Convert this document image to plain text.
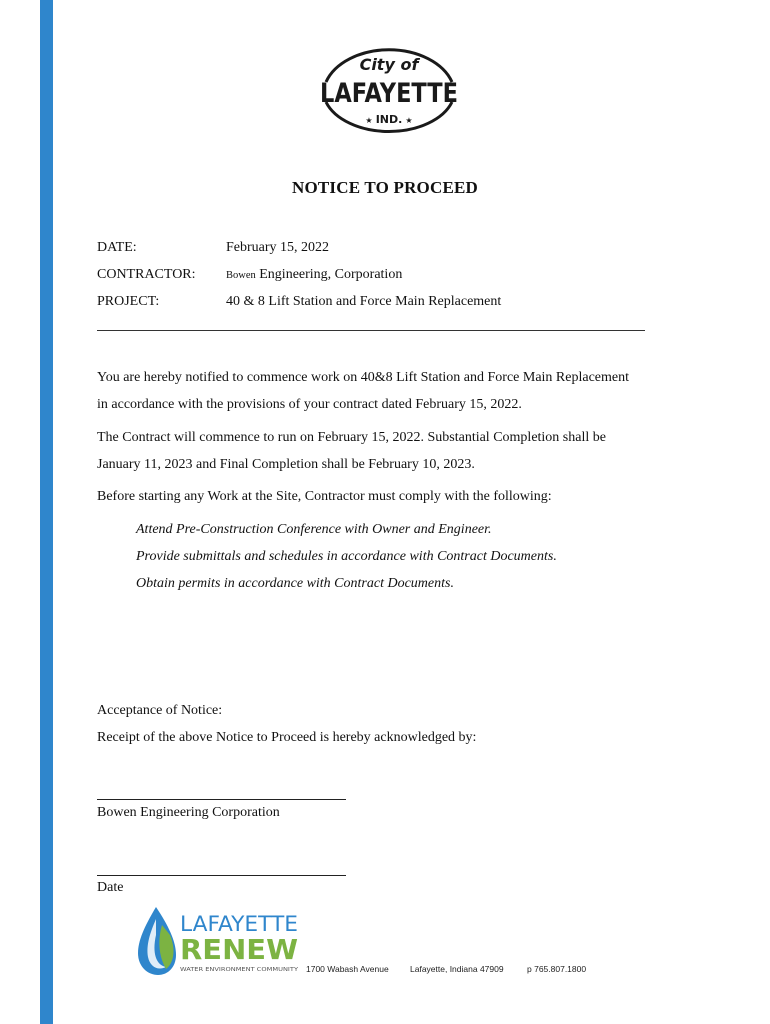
City of
LAFAYETTE
IND.
★	★
NOTICE TO PROCEED
DATE:	February 15, 2022
CONTRACTOR:	Bowen Engineering, Corporation
PROJECT:	40 & 8 Lift Station and Force Main Replacement
You are hereby notified to commence work on 40&8 Lift Station and Force Main Replacement
in accordance with the provisions of your contract dated February 15, 2022.
The Contract will commence to run on February 15, 2022. Substantial Completion shall be
January 11, 2023 and Final Completion shall be February 10, 2023.
Before starting any Work at the Site, Contractor must comply with the following:
Attend Pre-Construction Conference with Owner and Engineer.
Provide submittals and schedules in accordance with Contract Documents.
Obtain permits in accordance with Contract Documents.
Acceptance of Notice:
Receipt of the above Notice to Proceed is hereby acknowledged by:
Bowen Engineering Corporation
Date
LAFAYETTE
RENEW
WATER ENVIRONMENT COMMUNITY 1700 Wabash Avenue	Lafayette, Indiana 47909	p 765.807.1800
